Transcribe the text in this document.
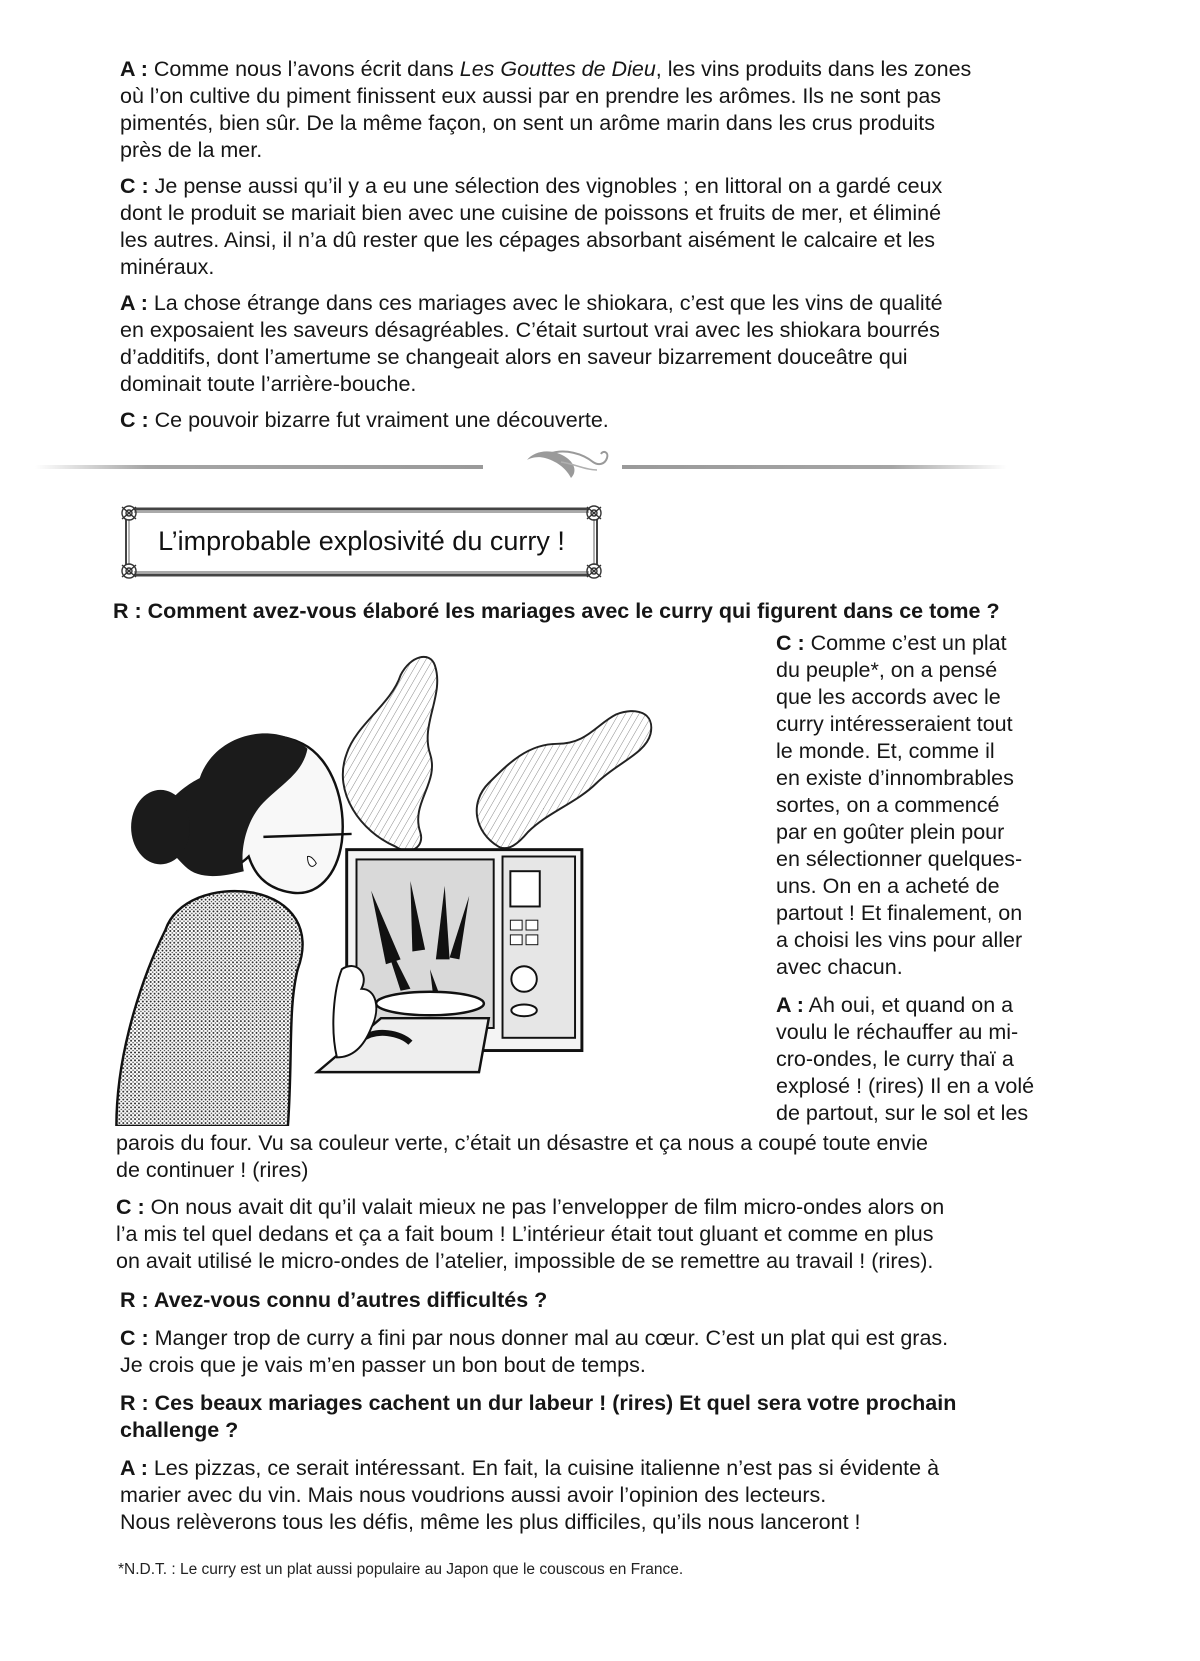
A : Comme nous l’avons écrit dans Les Gouttes de Dieu, les vins produits dans les zones
où l’on cultive du piment finissent eux aussi par en prendre les arômes. Ils ne sont pas
pimentés, bien sûr. De la même façon, on sent un arôme marin dans les crus produits
près de la mer.
C : Je pense aussi qu’il y a eu une sélection des vignobles ; en littoral on a gardé ceux
dont le produit se mariait bien avec une cuisine de poissons et fruits de mer, et éliminé
les autres. Ainsi, il n’a dû rester que les cépages absorbant aisément le calcaire et les
minéraux.
A : La chose étrange dans ces mariages avec le shiokara, c’est que les vins de qualité
en exposaient les saveurs désagréables. C’était surtout vrai avec les shiokara bourrés
d’additifs, dont l’amertume se changeait alors en saveur bizarrement douceâtre qui
dominait toute l’arrière-bouche.
C : Ce pouvoir bizarre fut vraiment une découverte.
L’improbable explosivité du curry !
R : Comment avez-vous élaboré les mariages avec le curry qui figurent dans ce tome ?
C : Comme c’est un plat
du peuple*, on a pensé
que les accords avec le
curry intéresseraient tout
le monde. Et, comme il
en existe d’innombrables
sortes, on a commencé
par en goûter plein pour
en sélectionner quelques-
uns. On en a acheté de
partout ! Et finalement, on
a choisi les vins pour aller
avec chacun.
A : Ah oui, et quand on a
voulu le réchauffer au mi-
cro-ondes, le curry thaï a
explosé ! (rires) Il en a volé
de partout, sur le sol et les
parois du four. Vu sa couleur verte, c’était un désastre et ça nous a coupé toute envie
de continuer ! (rires)
C : On nous avait dit qu’il valait mieux ne pas l’envelopper de film micro-ondes alors on
l’a mis tel quel dedans et ça a fait boum ! L’intérieur était tout gluant et comme en plus
on avait utilisé le micro-ondes de l’atelier, impossible de se remettre au travail ! (rires).
R : Avez-vous connu d’autres difficultés ?
C : Manger trop de curry a fini par nous donner mal au cœur. C’est un plat qui est gras.
Je crois que je vais m’en passer un bon bout de temps.
R : Ces beaux mariages cachent un dur labeur ! (rires) Et quel sera votre prochain
challenge ?
A : Les pizzas, ce serait intéressant. En fait, la cuisine italienne n’est pas si évidente à
marier avec du vin. Mais nous voudrions aussi avoir l’opinion des lecteurs.
Nous relèverons tous les défis, même les plus difficiles, qu’ils nous lanceront !
*N.D.T. : Le curry est un plat aussi populaire au Japon que le couscous en France.
